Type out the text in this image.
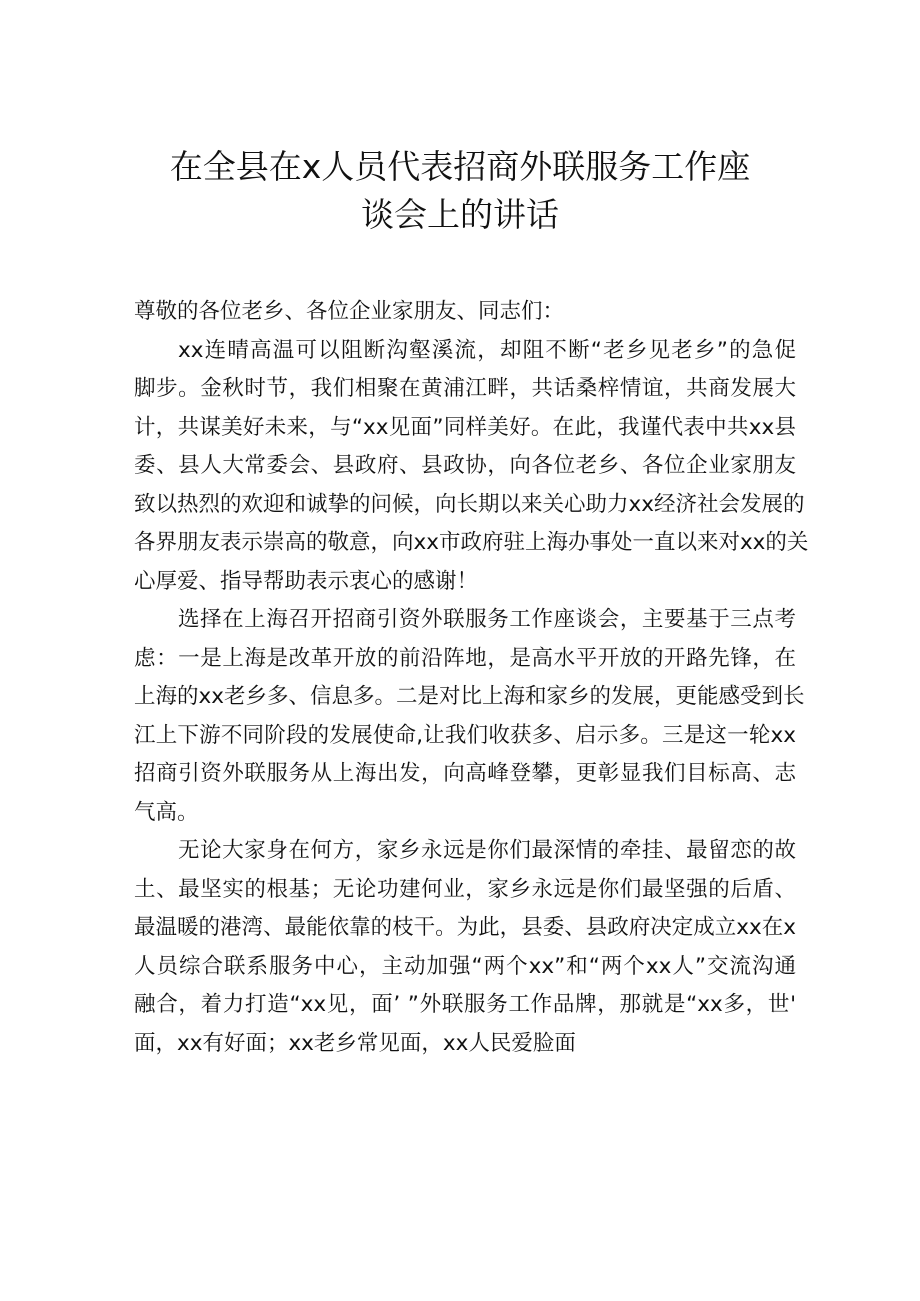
在全县在x人员代表招商外联服务工作座
谈会上的讲话
尊敬的各位老乡、各位企业家朋友、同志们：
xx连晴高温可以阻断沟壑溪流，却阻不断“老乡见老乡”的急促
脚步。金秋时节，我们相聚在黄浦江畔，共话桑梓情谊，共商发展大
计，共谋美好未来，与“xx见面”同样美好。在此，我谨代表中共xx县
委、县人大常委会、县政府、县政协，向各位老乡、各位企业家朋友
致以热烈的欢迎和诚挚的问候，向长期以来关心助力xx经济社会发展的
各界朋友表示崇高的敬意，向xx市政府驻上海办事处一直以来对xx的关
心厚爱、指导帮助表示衷心的感谢！
选择在上海召开招商引资外联服务工作座谈会，主要基于三点考
虑：一是上海是改革开放的前沿阵地，是高水平开放的开路先锋，在
上海的xx老乡多、信息多。二是对比上海和家乡的发展，更能感受到长
江上下游不同阶段的发展使命,让我们收获多、启示多。三是这一轮xx
招商引资外联服务从上海出发，向高峰登攀，更彰显我们目标高、志
气高。
无论大家身在何方，家乡永远是你们最深情的牵挂、最留恋的故
土、最坚实的根基；无论功建何业，家乡永远是你们最坚强的后盾、
最温暖的港湾、最能依靠的枝干。为此，县委、县政府决定成立xx在x
人员综合联系服务中心，主动加强“两个xx”和“两个xx人”交流沟通
融合，着力打造“xx见，面’ ”外联服务工作品牌，那就是“xx多，世'
面，xx有好面；xx老乡常见面，xx人民爱脸面
